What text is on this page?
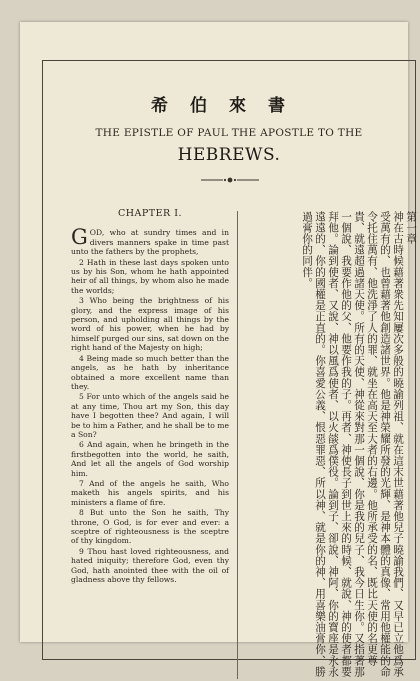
希伯來書
THE EPISTLE OF PAUL THE APOSTLE TO THE
HEBREWS.
CHAPTER I.

GOD, who at sundry times and in divers manners spake in time past unto the fathers by the prophets,

2 Hath in these last days spoken unto us by his Son, whom he hath appointed heir of all things, by whom also he made the worlds;

3 Who being the brightness of his glory, and the express image of his person, and upholding all things by the word of his power, when he had by himself purged our sins, sat down on the right hand of the Majesty on high;

4 Being made so much better than the angels, as he hath by inheritance obtained a more excellent name than they.

5 For unto which of the angels said he at any time, Thou art my Son, this day have I begotten thee? And again, I will be to him a Father, and he shall be to me a Son?

6 And again, when he bringeth in the firstbegotten into the world, he saith, And let all the angels of God worship him.

7 And of the angels he saith, Who maketh his angels spirits, and his ministers a flame of fire.

8 But unto the Son he saith, Thy throne, O God, is for ever and ever: a sceptre of righteousness is the sceptre of thy kingdom.

9 Thou hast loved righteousness, and hated iniquity; therefore God, even thy God, hath anointed thee with the oil of gladness above thy fellows.

第一章
神在古時候藉著衆先知屢次多般的曉諭列祖、就在這末世藉著他兒子曉諭我們、又早已立他爲承受萬有的、也曾藉著他創造諸世界。他是神榮耀所發的光輝、是神本體的真像、常用他權能的命令托住萬有、他洗淨了人的罪、就坐在高天至大者的右邊。他所承受的名、既比天使的名更尊貴、就遠超過諸天使。所有的天使、神從來對那一個說、你是我的兒子、我今日生你。又指著那一個說、我要作他的父、他要作我的子。再者、神使長子到世上來的時候、就說、神的使者都要拜他。論到使者、又說、神以風爲使者、以火燄爲僕役。論到子、卻說、神阿、你的寶座是永永遠遠的、你的國權是正直的。你喜愛公義、恨惡罪惡、所以神、就是你的神、用喜樂油膏你、勝過膏你的同伴。
